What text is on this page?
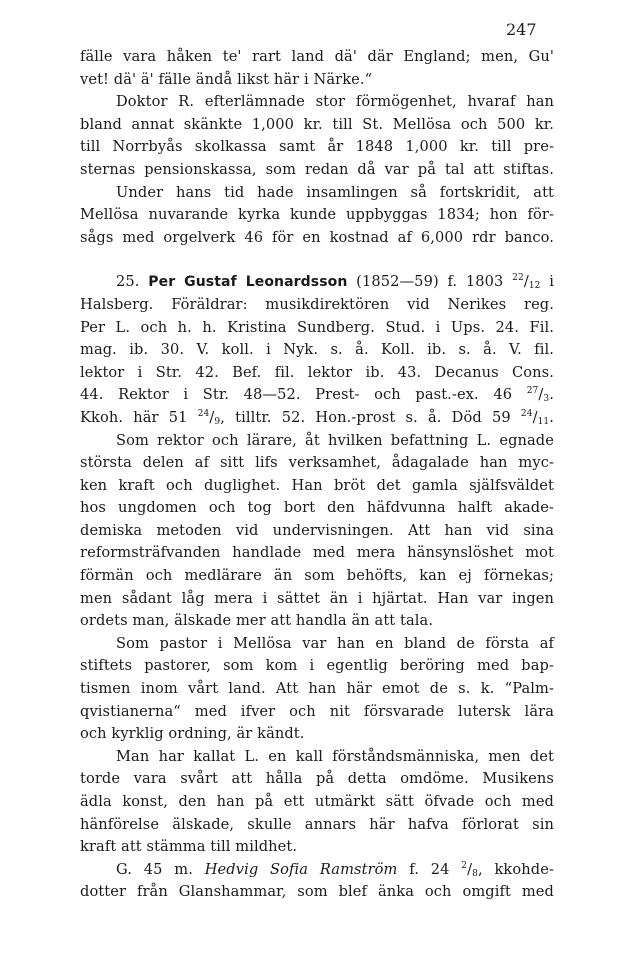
247
fälle vara håken te' rart land dä' där England; men, Gu'
vet! dä' ä' fälle ändå likst här i Närke.“
Doktor R. efterlämnade stor förmögenhet, hvaraf han
bland annat skänkte 1,000 kr. till St. Mellösa och 500 kr.
till Norrbyås skolkassa samt år 1848 1,000 kr. till pre-
sternas pensionskassa, som redan då var på tal att stiftas.
Under hans tid hade insamlingen så fortskridit, att
Mellösa nuvarande kyrka kunde uppbyggas 1834; hon för-
sågs med orgelverk 46 för en kostnad af 6,000 rdr banco.
25. Per Gustaf Leonardsson (1852—59) f. 1803 $^{22}/_{12}$ i
Halsberg. Föräldrar: musikdirektören vid Nerikes reg.
Per L. och h. h. Kristina Sundberg. Stud. i Ups. 24. Fil.
mag. ib. 30. V. koll. i Nyk. s. å. Koll. ib. s. å. V. fil.
lektor i Str. 42. Bef. fil. lektor ib. 43. Decanus Cons.
44. Rektor i Str. 48—52. Prest- och past.-ex. 46 $^{27}/_3$.
Kkoh. här 51 $^{24}/_9$, tilltr. 52. Hon.-prost s. å. Död 59 $^{24}/_{11}$.
Som rektor och lärare, åt hvilken befattning L. egnade
största delen af sitt lifs verksamhet, ådagalade han myc-
ken kraft och duglighet. Han bröt det gamla själfsväldet
hos ungdomen och tog bort den häfdvunna halft akade-
demiska metoden vid undervisningen. Att han vid sina
reformsträfvanden handlade med mera hänsynslöshet mot
förmän och medlärare än som behöfts, kan ej förnekas;
men sådant låg mera i sättet än i hjärtat. Han var ingen
ordets man, älskade mer att handla än att tala.
Som pastor i Mellösa var han en bland de första af
stiftets pastorer, som kom i egentlig beröring med bap-
tismen inom vårt land. Att han här emot de s. k. “Palm-
qvistianerna“ med ifver och nit försvarade lutersk lära
och kyrklig ordning, är kändt.
Man har kallat L. en kall förståndsmänniska, men det
torde vara svårt att hålla på detta omdöme. Musikens
ädla konst, den han på ett utmärkt sätt öfvade och med
hänförelse älskade, skulle annars här hafva förlorat sin
kraft att stämma till mildhet.
G. 45 m. Hedvig Sofia Ramström f. 24 $^2/_8$, kkohde-
dotter från Glanshammar, som blef änka och omgift med
